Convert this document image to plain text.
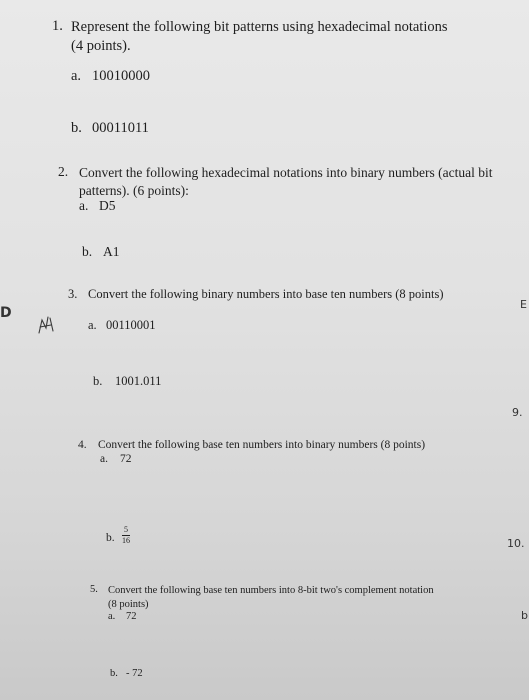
1. Represent the following bit patterns using hexadecimal notations (4 points).
a. 10010000
b. 00011011
2. Convert the following hexadecimal notations into binary numbers (actual bit patterns). (6 points):
a. D5
b. A1
3. Convert the following binary numbers into base ten numbers (8 points)
a. 00110001
b. 1001.011
4. Convert the following base ten numbers into binary numbers (8 points)
a. 72
b. $\frac{5}{16}$
5. Convert the following base ten numbers into 8-bit two's complement notation (8 points)
a. 72
b. - 72
D
E
9.
10.
b
